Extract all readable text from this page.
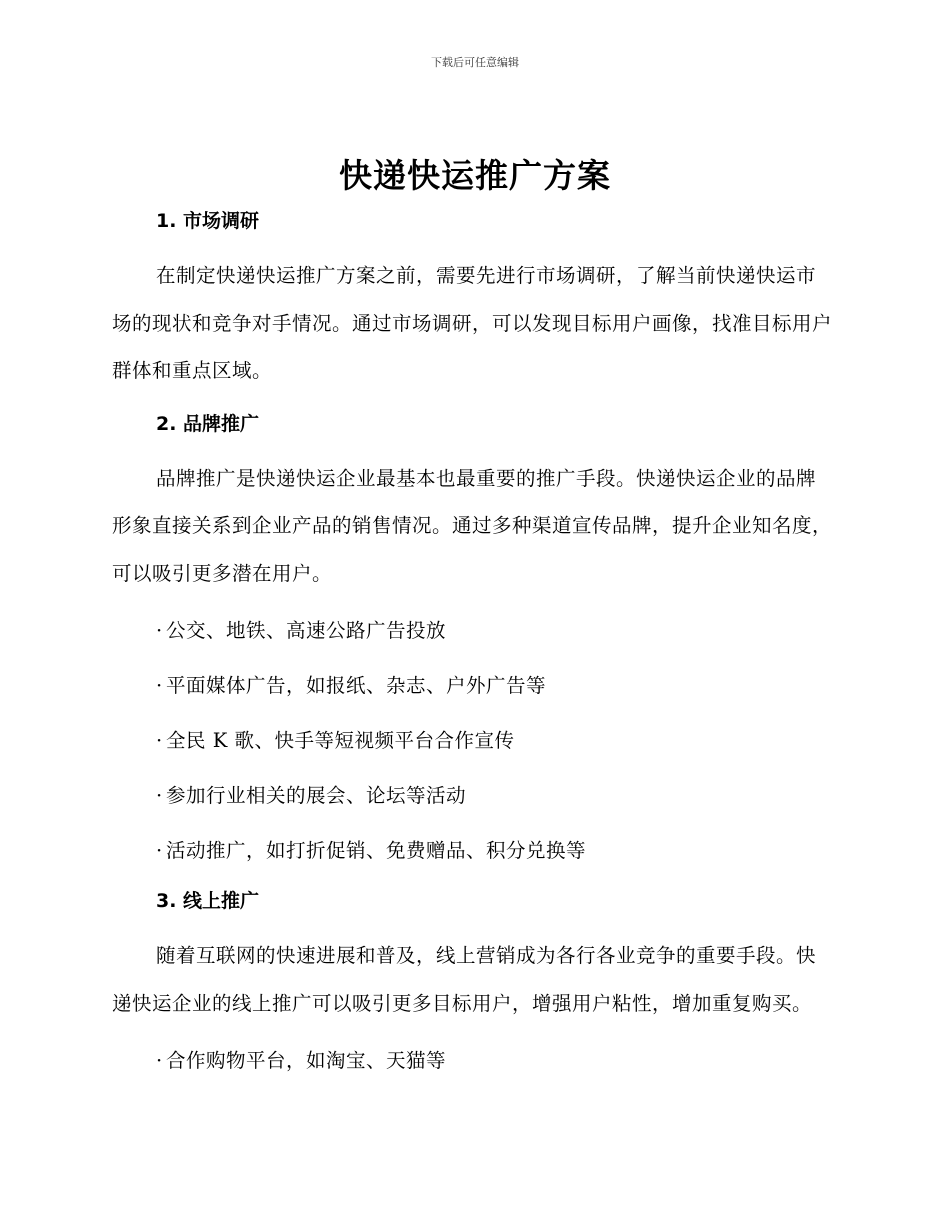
下载后可任意编辑
快递快运推广方案
1. 市场调研
在制定快递快运推广方案之前，需要先进行市场调研，了解当前快递快运市场的现状和竞争对手情况。通过市场调研，可以发现目标用户画像，找准目标用户群体和重点区域。
2. 品牌推广
品牌推广是快递快运企业最基本也最重要的推广手段。快递快运企业的品牌形象直接关系到企业产品的销售情况。通过多种渠道宣传品牌，提升企业知名度，可以吸引更多潜在用户。
· 公交、地铁、高速公路广告投放
· 平面媒体广告，如报纸、杂志、户外广告等
· 全民 K 歌、快手等短视频平台合作宣传
· 参加行业相关的展会、论坛等活动
· 活动推广，如打折促销、免费赠品、积分兑换等
3. 线上推广
随着互联网的快速进展和普及，线上营销成为各行各业竞争的重要手段。快递快运企业的线上推广可以吸引更多目标用户，增强用户粘性，增加重复购买。
· 合作购物平台，如淘宝、天猫等
